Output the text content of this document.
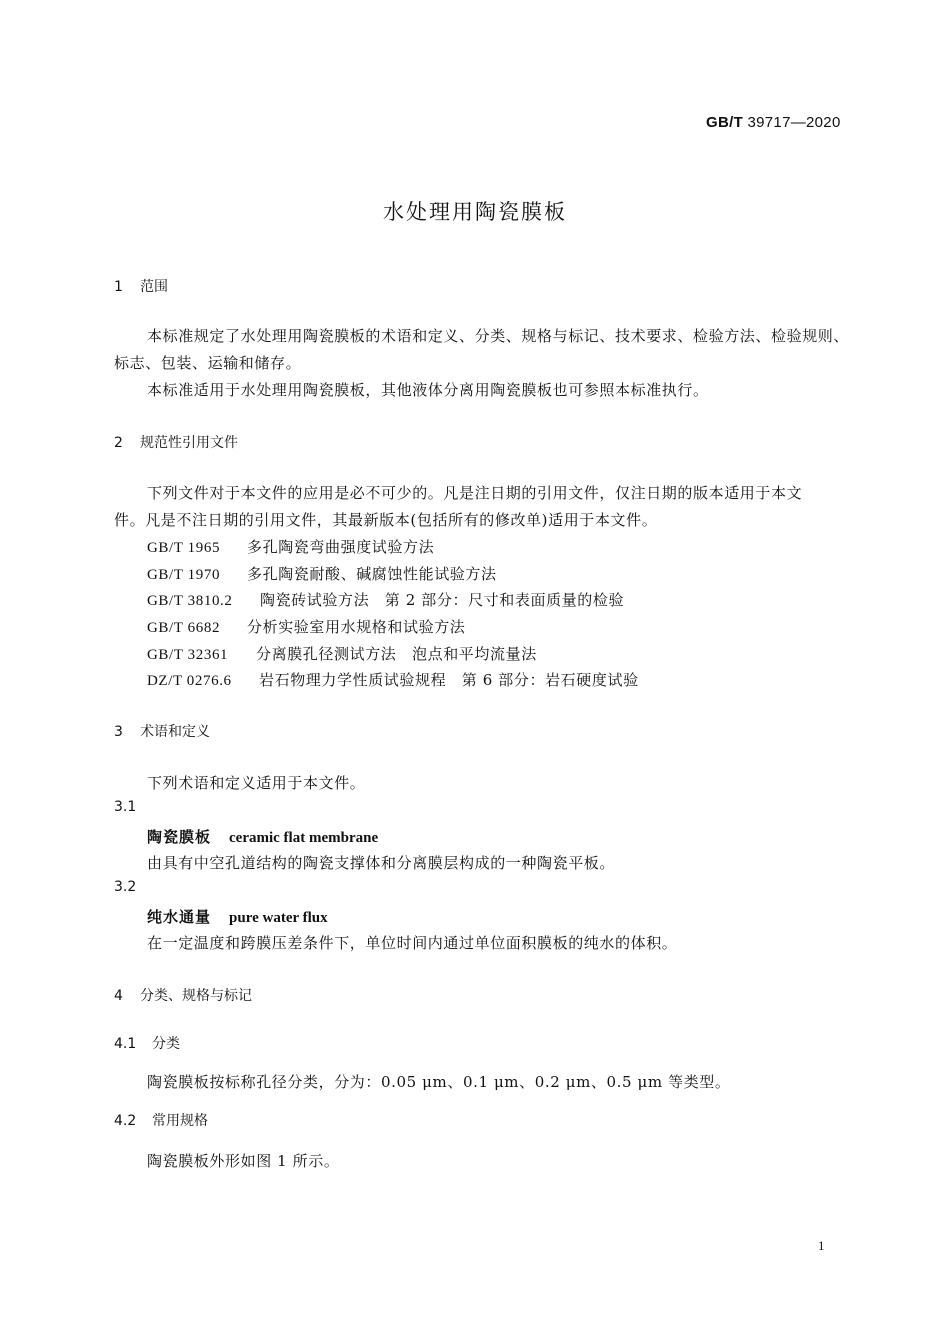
GB/T 39717—2020
水处理用陶瓷膜板
1 范围
本标准规定了水处理用陶瓷膜板的术语和定义、分类、规格与标记、技术要求、检验方法、检验规则、
标志、包装、运输和储存。
本标准适用于水处理用陶瓷膜板，其他液体分离用陶瓷膜板也可参照本标准执行。
2 规范性引用文件
下列文件对于本文件的应用是必不可少的。凡是注日期的引用文件，仅注日期的版本适用于本文
件。凡是不注日期的引用文件，其最新版本(包括所有的修改单)适用于本文件。
GB/T 1965 多孔陶瓷弯曲强度试验方法
GB/T 1970 多孔陶瓷耐酸、碱腐蚀性能试验方法
GB/T 3810.2 陶瓷砖试验方法　第 2 部分：尺寸和表面质量的检验
GB/T 6682 分析实验室用水规格和试验方法
GB/T 32361 分离膜孔径测试方法　泡点和平均流量法
DZ/T 0276.6 岩石物理力学性质试验规程　第 6 部分：岩石硬度试验
3 术语和定义
下列术语和定义适用于本文件。
3.1
陶瓷膜板 ceramic flat membrane
由具有中空孔道结构的陶瓷支撑体和分离膜层构成的一种陶瓷平板。
3.2
纯水通量 pure water flux
在一定温度和跨膜压差条件下，单位时间内通过单位面积膜板的纯水的体积。
4 分类、规格与标记
4.1 分类
陶瓷膜板按标称孔径分类，分为：0.05 μm、0.1 μm、0.2 μm、0.5 μm 等类型。
4.2 常用规格
陶瓷膜板外形如图 1 所示。
1
